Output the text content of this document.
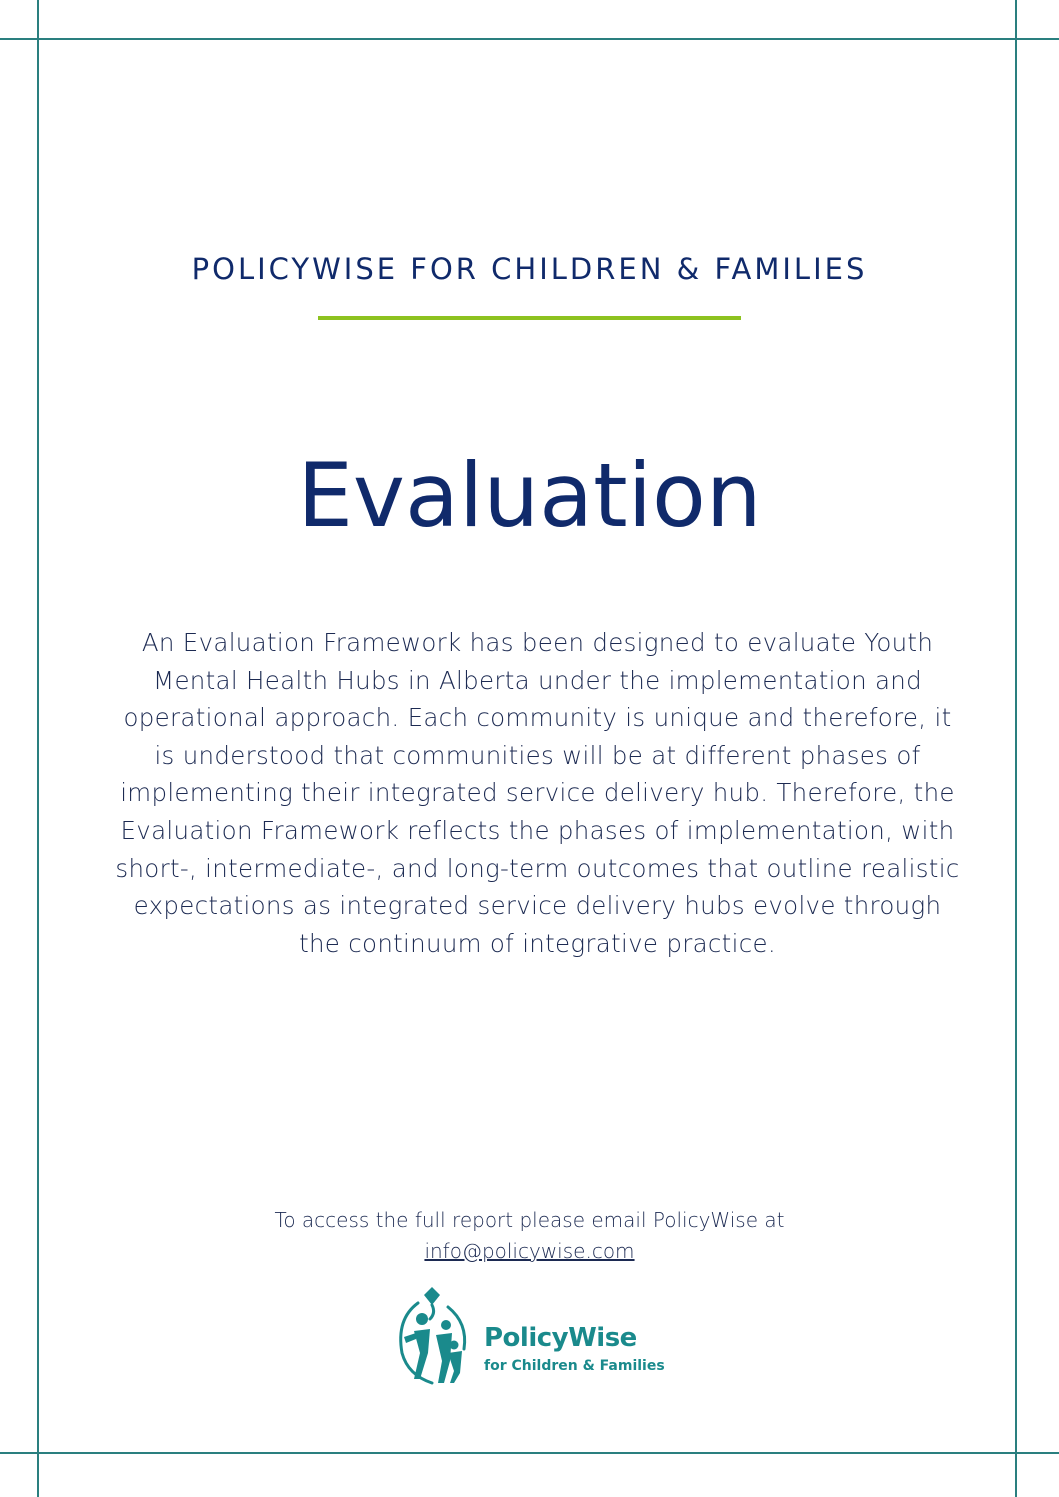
POLICYWISE FOR CHILDREN & FAMILIES
Evaluation

An Evaluation Framework has been designed to evaluate Youth Mental Health Hubs in Alberta under the implementation and operational approach. Each community is unique and therefore, it is understood that communities will be at different phases of implementing their integrated service delivery hub. Therefore, the Evaluation Framework reflects the phases of implementation, with short-, intermediate-, and long-term outcomes that outline realistic expectations as integrated service delivery hubs evolve through the continuum of integrative practice.

To access the full report please email PolicyWise at
info@policywise.com
PolicyWise
for Children & Families
